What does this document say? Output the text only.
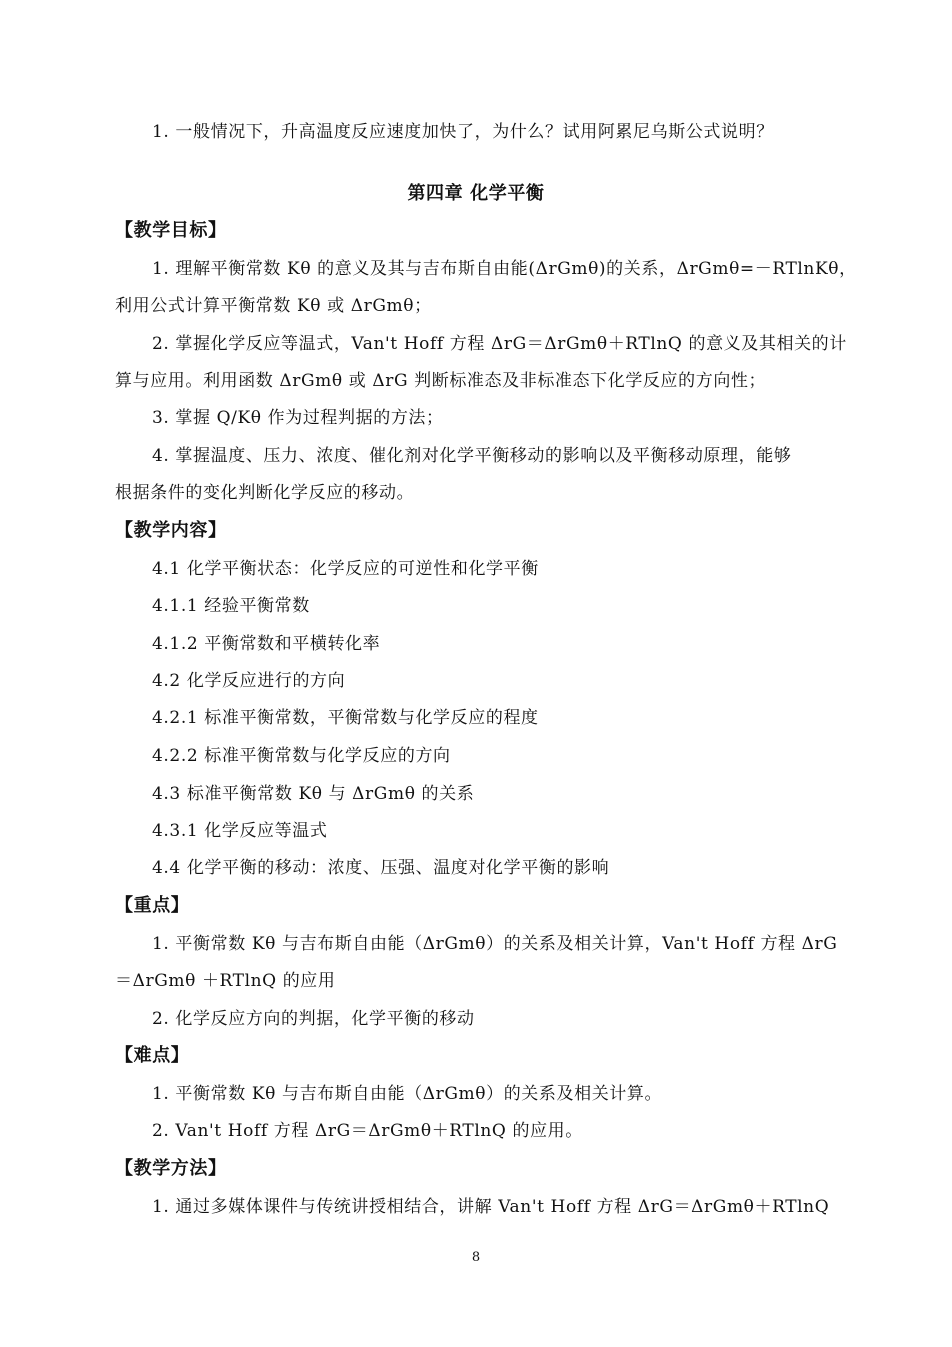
1. 一般情况下，升高温度反应速度加快了，为什么？试用阿累尼乌斯公式说明？
第四章 化学平衡
【教学目标】
1. 理解平衡常数 Kθ 的意义及其与吉布斯自由能(ΔrGmθ)的关系，ΔrGmθ=－RTlnKθ，
利用公式计算平衡常数 Kθ 或 ΔrGmθ；
2. 掌握化学反应等温式，Van't Hoff 方程 ΔrG＝ΔrGmθ＋RTlnQ 的意义及其相关的计
算与应用。利用函数 ΔrGmθ 或 ΔrG 判断标准态及非标准态下化学反应的方向性；
3. 掌握 Q/Kθ 作为过程判据的方法；
4. 掌握温度、压力、浓度、催化剂对化学平衡移动的影响以及平衡移动原理，能够
根据条件的变化判断化学反应的移动。
【教学内容】
4.1 化学平衡状态：化学反应的可逆性和化学平衡
4.1.1 经验平衡常数
4.1.2 平衡常数和平横转化率
4.2 化学反应进行的方向
4.2.1 标准平衡常数，平衡常数与化学反应的程度
4.2.2 标准平衡常数与化学反应的方向
4.3 标准平衡常数 Kθ 与 ΔrGmθ 的关系
4.3.1 化学反应等温式
4.4 化学平衡的移动：浓度、压强、温度对化学平衡的影响
【重点】
1. 平衡常数 Kθ 与吉布斯自由能（ΔrGmθ）的关系及相关计算，Van't Hoff 方程 ΔrG
＝ΔrGmθ ＋RTlnQ 的应用
2. 化学反应方向的判据，化学平衡的移动
【难点】
1. 平衡常数 Kθ 与吉布斯自由能（ΔrGmθ）的关系及相关计算。
2. Van't Hoff 方程 ΔrG＝ΔrGmθ＋RTlnQ 的应用。
【教学方法】
1. 通过多媒体课件与传统讲授相结合，讲解 Van't Hoff 方程 ΔrG＝ΔrGmθ＋RTlnQ
8
